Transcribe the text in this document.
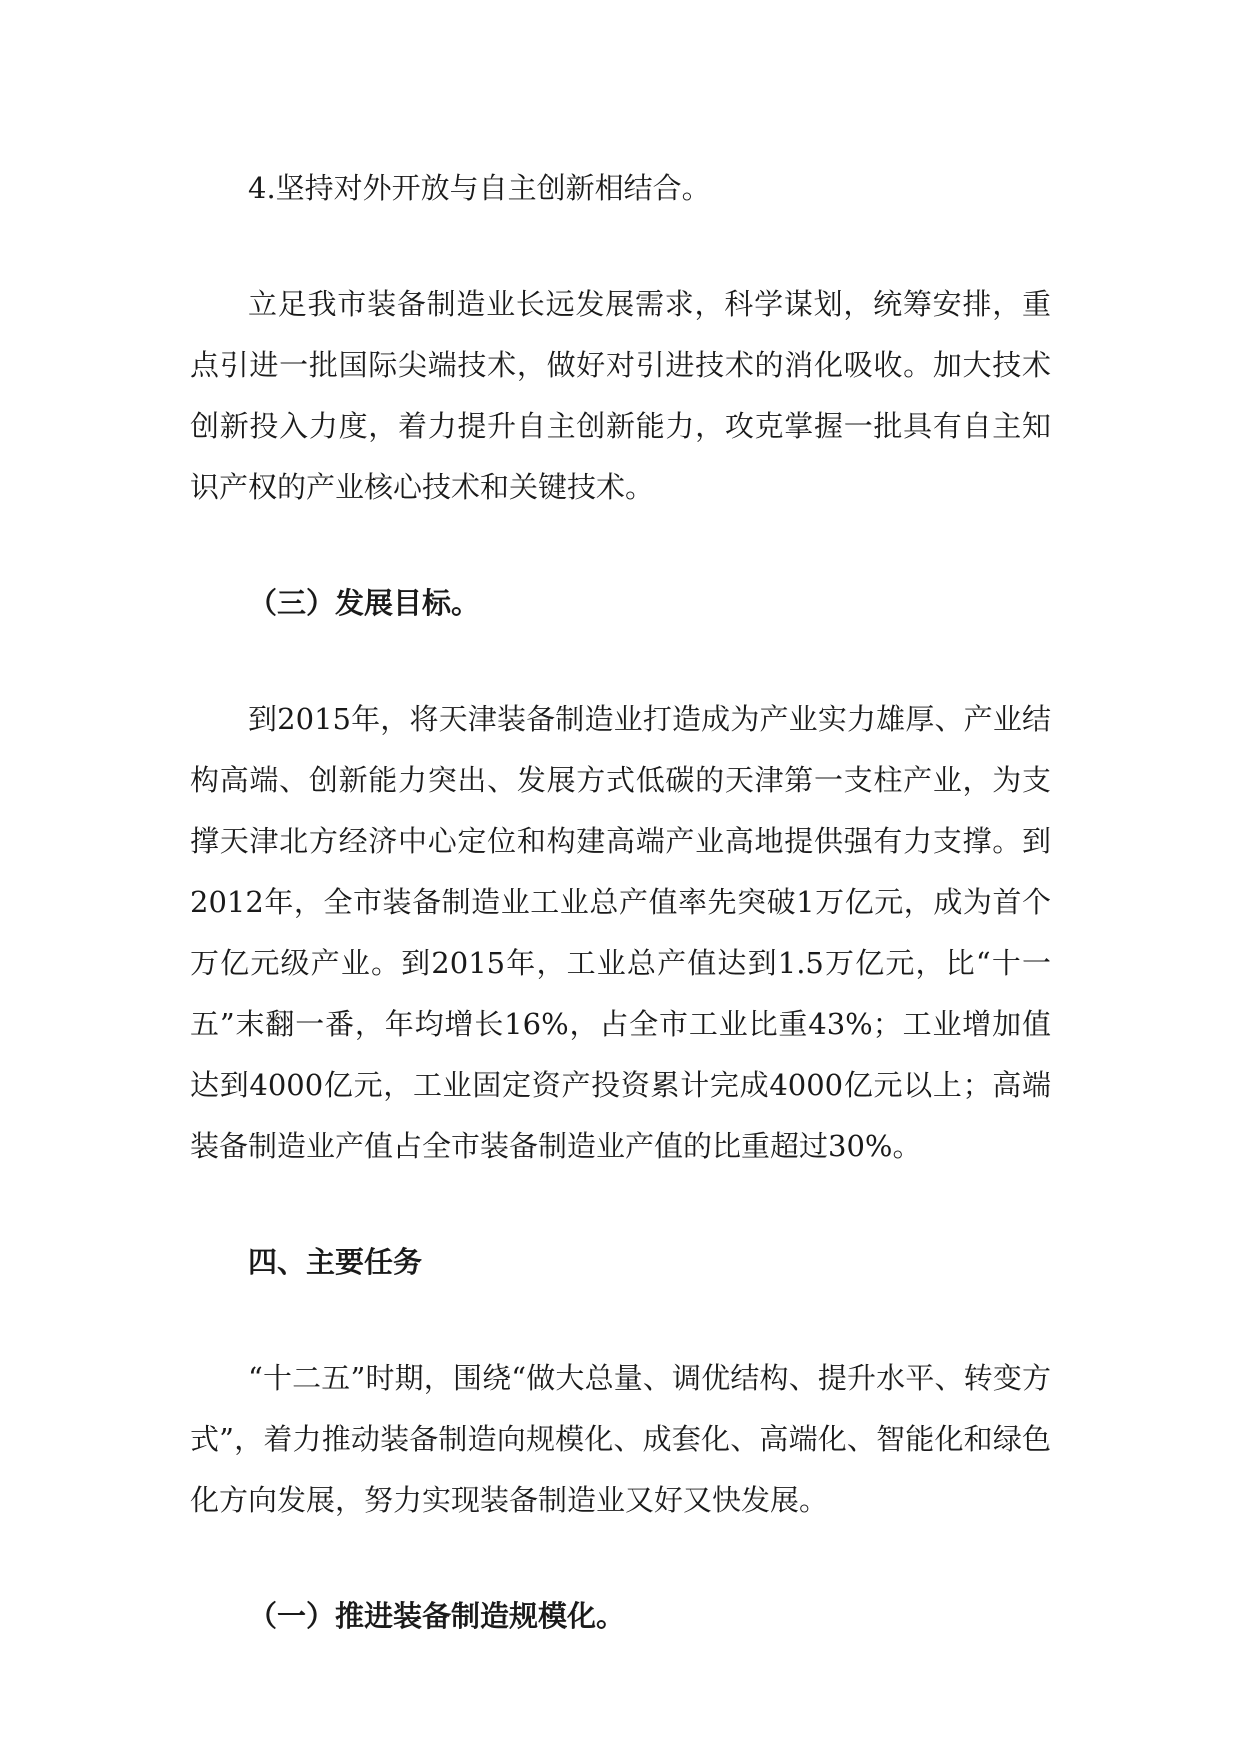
4.坚持对外开放与自主创新相结合。

立足我市装备制造业长远发展需求，科学谋划，统筹安排，重点引进一批国际尖端技术，做好对引进技术的消化吸收。加大技术创新投入力度，着力提升自主创新能力，攻克掌握一批具有自主知识产权的产业核心技术和关键技术。

（三）发展目标。

到2015年，将天津装备制造业打造成为产业实力雄厚、产业结构高端、创新能力突出、发展方式低碳的天津第一支柱产业，为支撑天津北方经济中心定位和构建高端产业高地提供强有力支撑。到2012年，全市装备制造业工业总产值率先突破1万亿元，成为首个万亿元级产业。到2015年，工业总产值达到1.5万亿元，比“十一五”末翻一番，年均增长16%，占全市工业比重43%；工业增加值达到4000亿元，工业固定资产投资累计完成4000亿元以上；高端装备制造业产值占全市装备制造业产值的比重超过30%。

四、主要任务

“十二五”时期，围绕“做大总量、调优结构、提升水平、转变方式”，着力推动装备制造向规模化、成套化、高端化、智能化和绿色化方向发展，努力实现装备制造业又好又快发展。

（一）推进装备制造规模化。
